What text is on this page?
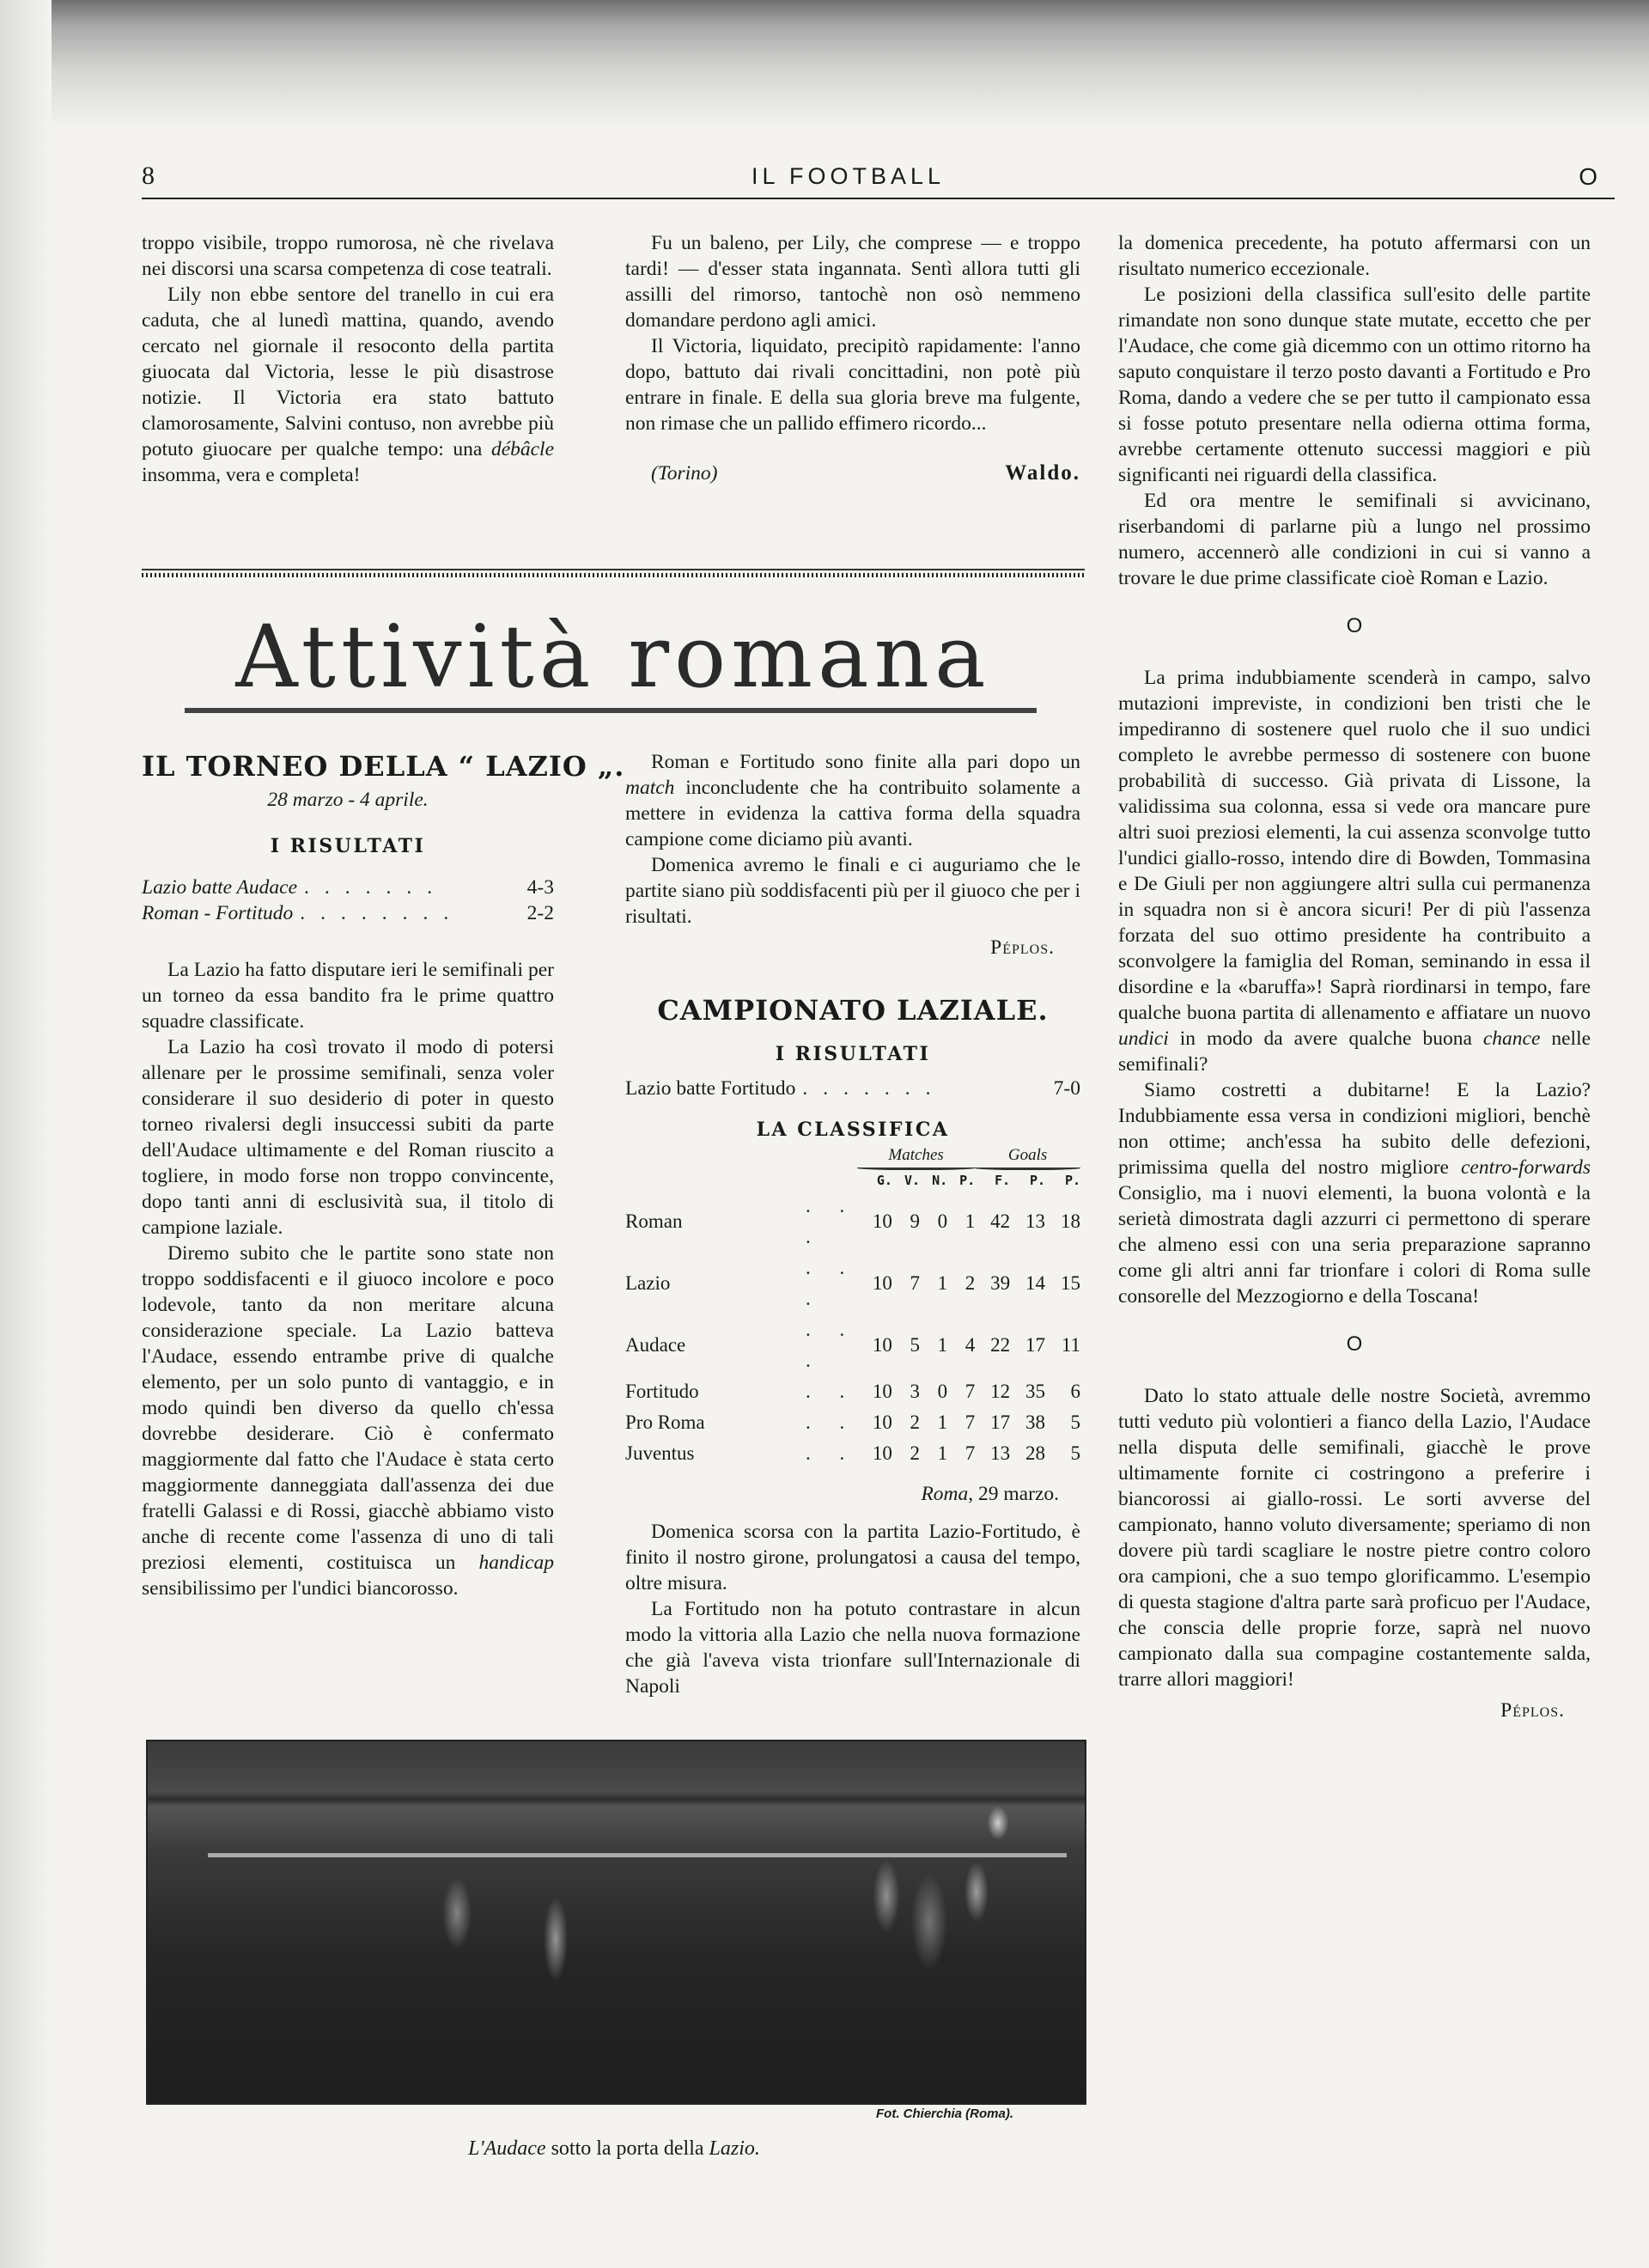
8	IL FOOTBALL	O

troppo visibile, troppo rumorosa, nè che rivelava nei discorsi una scarsa competenza di cose teatrali.

Lily non ebbe sentore del tranello in cui era caduta, che al lunedì mattina, quando, avendo cercato nel giornale il resoconto della partita giuocata dal Victoria, lesse le più disastrose notizie. Il Victoria era stato battuto clamorosamente, Salvini contuso, non avrebbe più potuto giuocare per qualche tempo: una débâcle insomma, vera e completa!

Fu un baleno, per Lily, che comprese — e troppo tardi! — d'esser stata ingannata. Sentì allora tutti gli assilli del rimorso, tantochè non osò nemmeno domandare perdono agli amici.

Il Victoria, liquidato, precipitò rapidamente: l'anno dopo, battuto dai rivali concittadini, non potè più entrare in finale. E della sua gloria breve ma fulgente, non rimase che un pallido effimero ricordo...

(Torino)	Waldo.
Attività romana
IL TORNEO DELLA “ LAZIO „.

28 marzo - 4 aprile.

I RISULTATI

Lazio batte Audace .......	4-3

Roman - Fortitudo ........	2-2

La Lazio ha fatto disputare ieri le semifinali per un torneo da essa bandito fra le prime quattro squadre classificate.

La Lazio ha così trovato il modo di potersi allenare per le prossime semifinali, senza voler considerare il suo desiderio di poter in questo torneo rivalersi degli insuccessi subiti da parte dell'Audace ultimamente e del Roman riuscito a togliere, in modo forse non troppo convincente, dopo tanti anni di esclusività sua, il titolo di campione laziale.

Diremo subito che le partite sono state non troppo soddisfacenti e il giuoco incolore e poco lodevole, tanto da non meritare alcuna considerazione speciale. La Lazio batteva l'Audace, essendo entrambe prive di qualche elemento, per un solo punto di vantaggio, e in modo quindi ben diverso da quello ch'essa dovrebbe desiderare. Ciò è confermato maggiormente dal fatto che l'Audace è stata certo maggiormente danneggiata dall'assenza dei due fratelli Galassi e di Rossi, giacchè abbiamo visto anche di recente come l'assenza di uno di tali preziosi elementi, costituisca un handicap sensibilissimo per l'undici biancorosso.

Roman e Fortitudo sono finite alla pari dopo un match inconcludente che ha contribuito solamente a mettere in evidenza la cattiva forma della squadra campione come diciamo più avanti.

Domenica avremo le finali e ci auguriamo che le partite siano più soddisfacenti più per il giuoco che per i risultati.

Péplos.

CAMPIONATO LAZIALE.

I RISULTATI

Lazio batte Fortitudo .......	7-0

LA CLASSIFICA

		Matches				Goals		

		G.	V.	N.	P.	F.	P.	P.
Roman	. . .	10	9	0	1	42	13	18
Lazio	. . .	10	7	1	2	39	14	15
Audace	. . .	10	5	1	4	22	17	11
Fortitudo	. .	10	3	0	7	12	35	6
Pro Roma	. .	10	2	1	7	17	38	5
Juventus	. .	10	2	1	7	13	28	5

Roma, 29 marzo.

Domenica scorsa con la partita Lazio-Fortitudo, è finito il nostro girone, prolungatosi a causa del tempo, oltre misura.

La Fortitudo non ha potuto contrastare in alcun modo la vittoria alla Lazio che nella nuova formazione che già l'aveva vista trionfare sull'Internazionale di Napoli

la domenica precedente, ha potuto affermarsi con un risultato numerico eccezionale.

Le posizioni della classifica sull'esito delle partite rimandate non sono dunque state mutate, eccetto che per l'Audace, che come già dicemmo con un ottimo ritorno ha saputo conquistare il terzo posto davanti a Fortitudo e Pro Roma, dando a vedere che se per tutto il campionato essa si fosse potuto presentare nella odierna ottima forma, avrebbe certamente ottenuto successi maggiori e più significanti nei riguardi della classifica.

Ed ora mentre le semifinali si avvicinano, riserbandomi di parlarne più a lungo nel prossimo numero, accennerò alle condizioni in cui si vanno a trovare le due prime classificate cioè Roman e Lazio.

O

La prima indubbiamente scenderà in campo, salvo mutazioni impreviste, in condizioni ben tristi che le impediranno di sostenere quel ruolo che il suo undici completo le avrebbe permesso di sostenere con buone probabilità di successo. Già privata di Lissone, la validissima sua colonna, essa si vede ora mancare pure altri suoi preziosi elementi, la cui assenza sconvolge tutto l'undici giallo-rosso, intendo dire di Bowden, Tommasina e De Giuli per non aggiungere altri sulla cui permanenza in squadra non si è ancora sicuri! Per di più l'assenza forzata del suo ottimo presidente ha contribuito a sconvolgere la famiglia del Roman, seminando in essa il disordine e la «baruffa»! Saprà riordinarsi in tempo, fare qualche buona partita di allenamento e affiatare un nuovo undici in modo da avere qualche buona chance nelle semifinali?

Siamo costretti a dubitarne! E la Lazio? Indubbiamente essa versa in condizioni migliori, benchè non ottime; anch'essa ha subito delle defezioni, primissima quella del nostro migliore centro-forwards Consiglio, ma i nuovi elementi, la buona volontà e la serietà dimostrata dagli azzurri ci permettono di sperare che almeno essi con una seria preparazione sapranno come gli altri anni far trionfare i colori di Roma sulle consorelle del Mezzogiorno e della Toscana!

O

Dato lo stato attuale delle nostre Società, avremmo tutti veduto più volontieri a fianco della Lazio, l'Audace nella disputa delle semifinali, giacchè le prove ultimamente fornite ci costringono a preferire i biancorossi ai giallo-rossi. Le sorti avverse del campionato, hanno voluto diversamente; speriamo di non dovere più tardi scagliare le nostre pietre contro coloro ora campioni, che a suo tempo glorificammo. L'esempio di questa stagione d'altra parte sarà proficuo per l'Audace, che conscia delle proprie forze, saprà nel nuovo campionato dalla sua compagine costantemente salda, trarre allori maggiori!

Péplos.

Fot. Chierchia (Roma).
L'Audace sotto la porta della Lazio.
